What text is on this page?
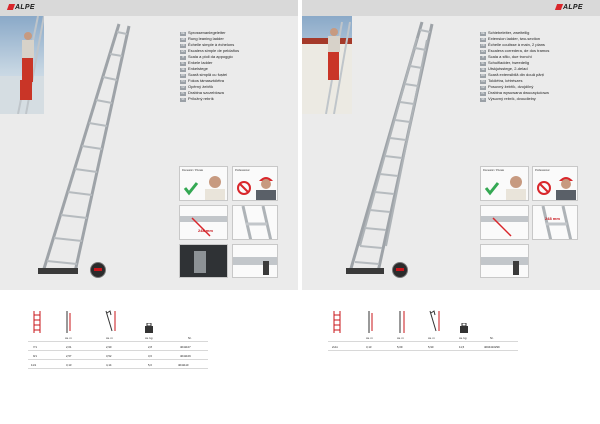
ALPE
DE Sprossenanlegeleiter
GB Rung leaning ladder
FR Échelle simple à échelons
ES Escalera simple de peldaños
IT Scala a pioli da appoggio
NL Enkele ladder
SE Enkelstege
RO Scară simplă cu fuștei
HU Fokos támasztólétra
CZ Opěrný žebřík
PL Drabina szczeblowa
SK Príložný rebrík
Domestic / Private	Professional
248 mm
ca. m	ca. m	ca. kg	Nr.
7/1	2,01	2,90	2,8	4041107
9/1	2,57	3,52	3,6	4041109
11/1	3,13	4,14	5,0	4041110
ALPE
DE Schiebeleiter, zweiteilig
GB Extension ladder, two-section
FR Échelle coulisse à main, 2 plans
ES Escalera corredera, de dos tramos
IT Scala a sfilo, due tronchi
NL Schuifladder, tweedelig
SE Utskjutsstege, 2-delad
RO Scară extensibilă din două părți
HU Tolólétra, kétrészes
CZ Posuvný žebřík, dvojdílný
PL Drabina wysuwana dwuczęściowa
SK Výsuvný rebrík, dvoudielny
Domestic / Private	Professional
248 mm
ca. m	ca. m	ca. m	ca. kg	Nr.
2x11	3,13	5,09	5,90	11,5	4004410299
